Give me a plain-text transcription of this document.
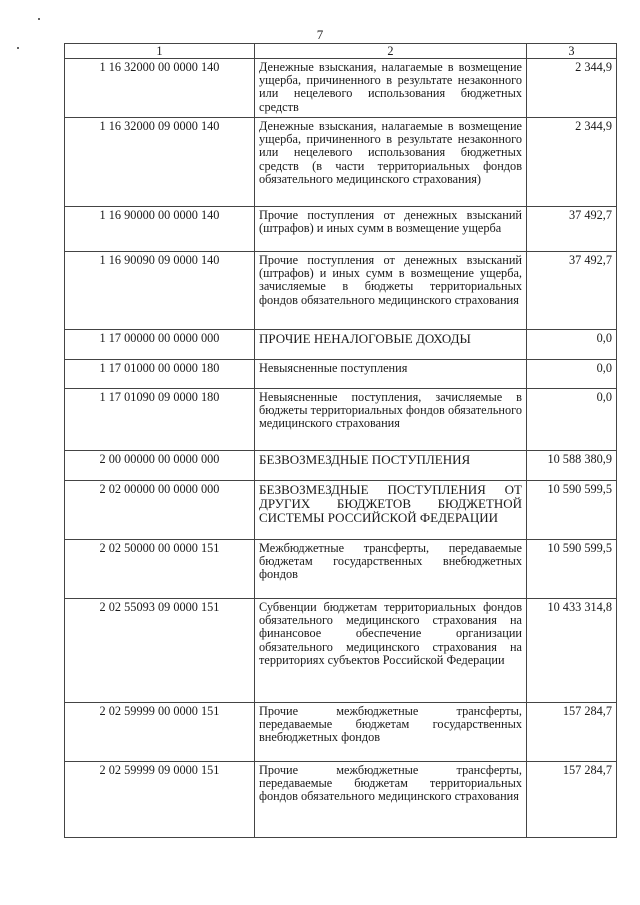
7
1	2	3
1 16 32000 00 0000 140	Денежные взыскания, налагаемые в возмещение ущерба, причиненного в результате незаконного или нецелевого использования бюджетных средств	2 344,9
1 16 32000 09 0000 140	Денежные взыскания, налагаемые в возмещение ущерба, причиненного в результате незаконного или нецелевого использования бюджетных средств (в части территориальных фондов обязательного медицинского страхования)	2 344,9
1 16 90000 00 0000 140	Прочие поступления от денежных взысканий (штрафов) и иных сумм в возмещение ущерба	37 492,7
1 16 90090 09 0000 140	Прочие поступления от денежных взысканий (штрафов) и иных сумм в возмещение ущерба, зачисляемые в бюджеты территориальных фондов обязательного медицинского страхования	37 492,7
1 17 00000 00 0000 000	ПРОЧИЕ НЕНАЛОГОВЫЕ ДОХОДЫ	0,0
1 17 01000 00 0000 180	Невыясненные поступления	0,0
1 17 01090 09 0000 180	Невыясненные поступления, зачисляемые в бюджеты территориальных фондов обязательного медицинского страхования	0,0
2 00 00000 00 0000 000	БЕЗВОЗМЕЗДНЫЕ ПОСТУПЛЕНИЯ	10 588 380,9
2 02 00000 00 0000 000	БЕЗВОЗМЕЗДНЫЕ ПОСТУПЛЕНИЯ ОТ ДРУГИХ БЮДЖЕТОВ БЮДЖЕТНОЙ СИСТЕМЫ РОССИЙСКОЙ ФЕДЕРАЦИИ	10 590 599,5
2 02 50000 00 0000 151	Межбюджетные трансферты, передаваемые бюджетам государственных внебюджетных фондов	10 590 599,5
2 02 55093 09 0000 151	Субвенции бюджетам территориальных фондов обязательного медицинского страхования на финансовое обеспечение организации обязательного медицинского страхования на территориях субъектов Российской Федерации	10 433 314,8
2 02 59999 00 0000 151	Прочие межбюджетные трансферты, передаваемые бюджетам государственных внебюджетных фондов	157 284,7
2 02 59999 09 0000 151	Прочие межбюджетные трансферты, передаваемые бюджетам территориальных фондов обязательного медицинского страхования	157 284,7
